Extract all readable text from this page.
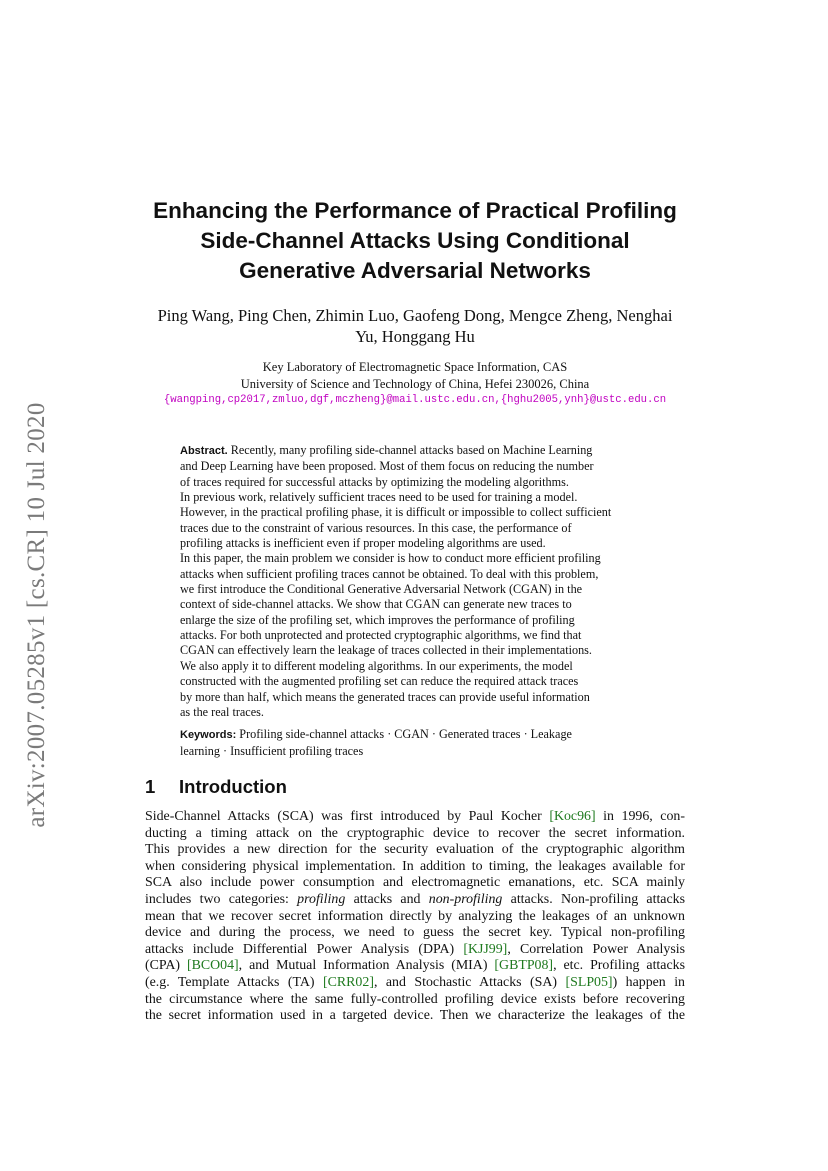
arXiv:2007.05285v1 [cs.CR] 10 Jul 2020
Enhancing the Performance of Practical Profiling
Side-Channel Attacks Using Conditional
Generative Adversarial Networks
Ping Wang, Ping Chen, Zhimin Luo, Gaofeng Dong, Mengce Zheng, Nenghai
Yu, Honggang Hu
Key Laboratory of Electromagnetic Space Information, CAS
University of Science and Technology of China, Hefei 230026, China
{wangping,cp2017,zmluo,dgf,mczheng}@mail.ustc.edu.cn,{hghu2005,ynh}@ustc.edu.cn
Abstract. Recently, many profiling side-channel attacks based on Machine Learning
and Deep Learning have been proposed. Most of them focus on reducing the number
of traces required for successful attacks by optimizing the modeling algorithms.
In previous work, relatively sufficient traces need to be used for training a model.
However, in the practical profiling phase, it is difficult or impossible to collect sufficient
traces due to the constraint of various resources. In this case, the performance of
profiling attacks is inefficient even if proper modeling algorithms are used.
In this paper, the main problem we consider is how to conduct more efficient profiling
attacks when sufficient profiling traces cannot be obtained. To deal with this problem,
we first introduce the Conditional Generative Adversarial Network (CGAN) in the
context of side-channel attacks. We show that CGAN can generate new traces to
enlarge the size of the profiling set, which improves the performance of profiling
attacks. For both unprotected and protected cryptographic algorithms, we find that
CGAN can effectively learn the leakage of traces collected in their implementations.
We also apply it to different modeling algorithms. In our experiments, the model
constructed with the augmented profiling set can reduce the required attack traces
by more than half, which means the generated traces can provide useful information
as the real traces.
Keywords: Profiling side-channel attacks · CGAN · Generated traces · Leakage
learning · Insufficient profiling traces
1 Introduction
Side-Channel Attacks (SCA) was first introduced by Paul Kocher [Koc96] in 1996, con-
ducting a timing attack on the cryptographic device to recover the secret information.
This provides a new direction for the security evaluation of the cryptographic algorithm
when considering physical implementation. In addition to timing, the leakages available for
SCA also include power consumption and electromagnetic emanations, etc. SCA mainly
includes two categories: profiling attacks and non-profiling attacks. Non-profiling attacks
mean that we recover secret information directly by analyzing the leakages of an unknown
device and during the process, we need to guess the secret key. Typical non-profiling
attacks include Differential Power Analysis (DPA) [KJJ99], Correlation Power Analysis
(CPA) [BCO04], and Mutual Information Analysis (MIA) [GBTP08], etc. Profiling attacks
(e.g. Template Attacks (TA) [CRR02], and Stochastic Attacks (SA) [SLP05]) happen in
the circumstance where the same fully-controlled profiling device exists before recovering
the secret information used in a targeted device. Then we characterize the leakages of the
